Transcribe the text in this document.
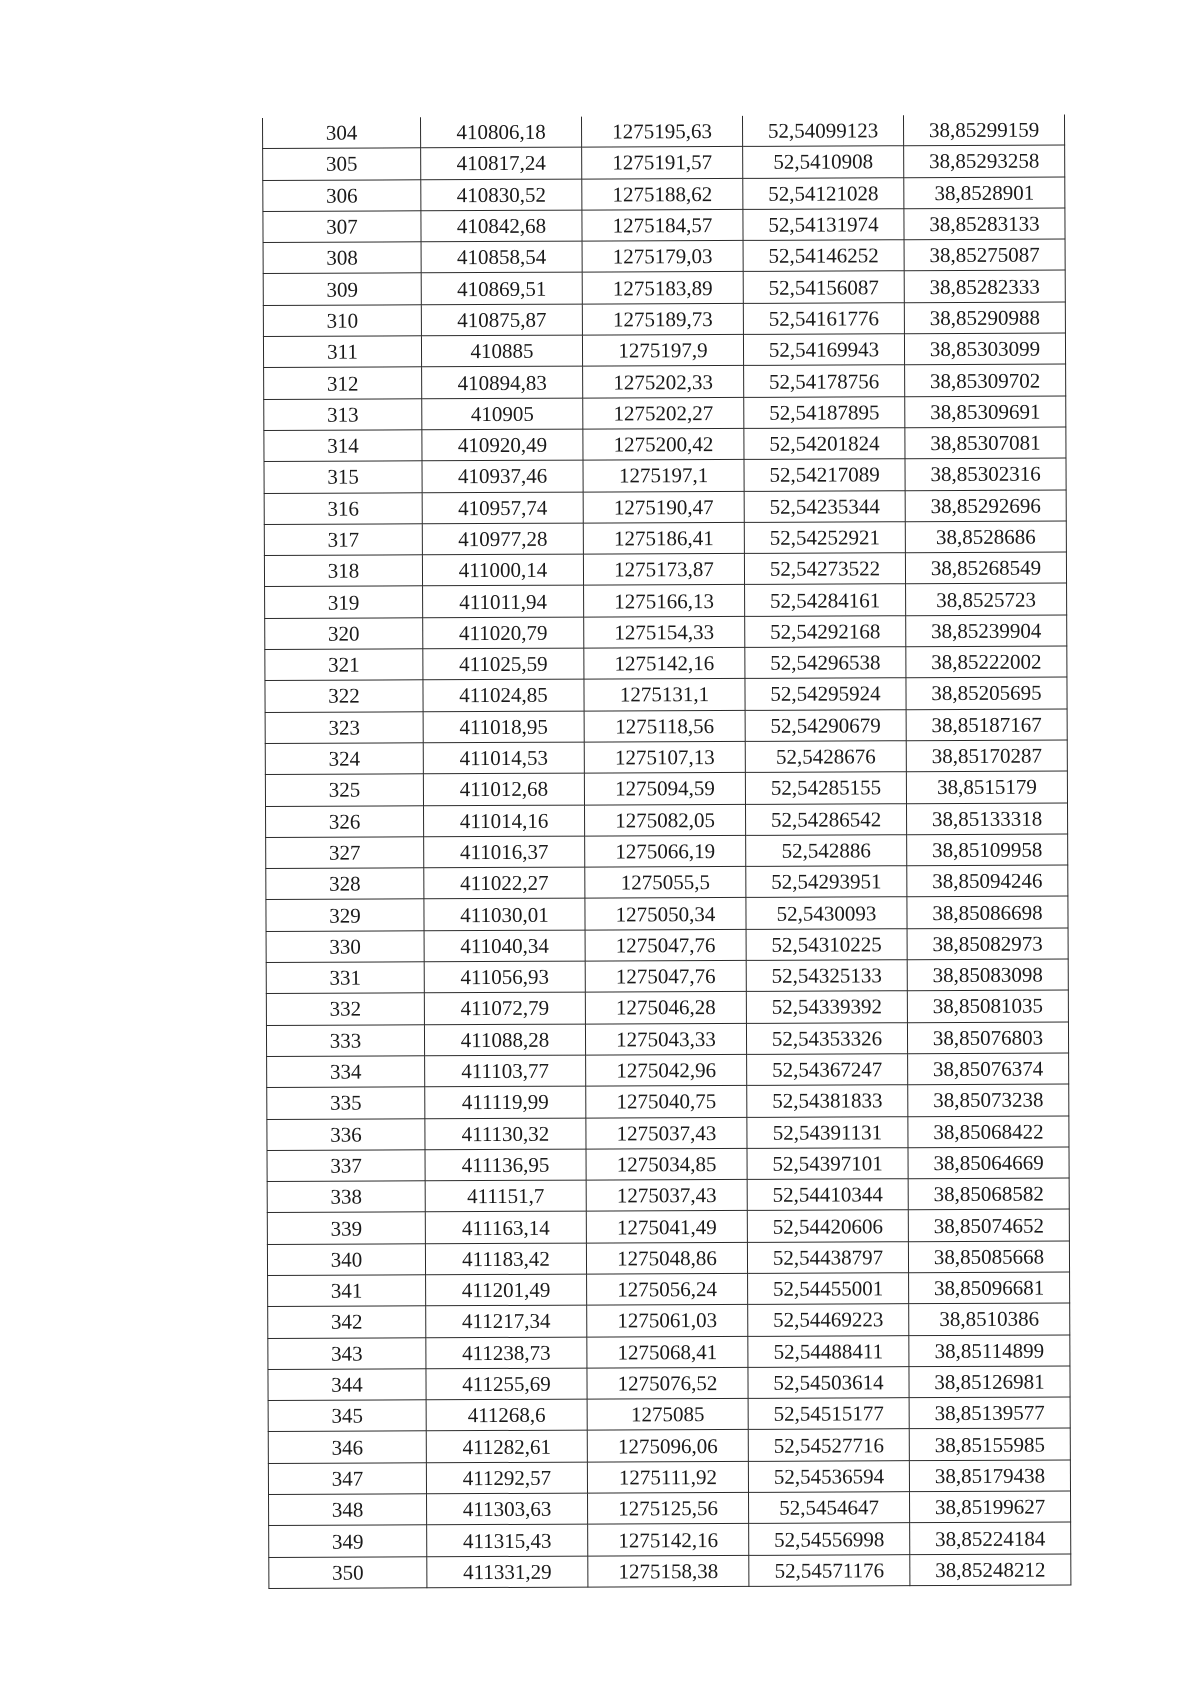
304	410806,18	1275195,63	52,54099123	38,85299159
305	410817,24	1275191,57	52,5410908	38,85293258
306	410830,52	1275188,62	52,54121028	38,8528901
307	410842,68	1275184,57	52,54131974	38,85283133
308	410858,54	1275179,03	52,54146252	38,85275087
309	410869,51	1275183,89	52,54156087	38,85282333
310	410875,87	1275189,73	52,54161776	38,85290988
311	410885	1275197,9	52,54169943	38,85303099
312	410894,83	1275202,33	52,54178756	38,85309702
313	410905	1275202,27	52,54187895	38,85309691
314	410920,49	1275200,42	52,54201824	38,85307081
315	410937,46	1275197,1	52,54217089	38,85302316
316	410957,74	1275190,47	52,54235344	38,85292696
317	410977,28	1275186,41	52,54252921	38,8528686
318	411000,14	1275173,87	52,54273522	38,85268549
319	411011,94	1275166,13	52,54284161	38,8525723
320	411020,79	1275154,33	52,54292168	38,85239904
321	411025,59	1275142,16	52,54296538	38,85222002
322	411024,85	1275131,1	52,54295924	38,85205695
323	411018,95	1275118,56	52,54290679	38,85187167
324	411014,53	1275107,13	52,5428676	38,85170287
325	411012,68	1275094,59	52,54285155	38,8515179
326	411014,16	1275082,05	52,54286542	38,85133318
327	411016,37	1275066,19	52,542886	38,85109958
328	411022,27	1275055,5	52,54293951	38,85094246
329	411030,01	1275050,34	52,5430093	38,85086698
330	411040,34	1275047,76	52,54310225	38,85082973
331	411056,93	1275047,76	52,54325133	38,85083098
332	411072,79	1275046,28	52,54339392	38,85081035
333	411088,28	1275043,33	52,54353326	38,85076803
334	411103,77	1275042,96	52,54367247	38,85076374
335	411119,99	1275040,75	52,54381833	38,85073238
336	411130,32	1275037,43	52,54391131	38,85068422
337	411136,95	1275034,85	52,54397101	38,85064669
338	411151,7	1275037,43	52,54410344	38,85068582
339	411163,14	1275041,49	52,54420606	38,85074652
340	411183,42	1275048,86	52,54438797	38,85085668
341	411201,49	1275056,24	52,54455001	38,85096681
342	411217,34	1275061,03	52,54469223	38,8510386
343	411238,73	1275068,41	52,54488411	38,85114899
344	411255,69	1275076,52	52,54503614	38,85126981
345	411268,6	1275085	52,54515177	38,85139577
346	411282,61	1275096,06	52,54527716	38,85155985
347	411292,57	1275111,92	52,54536594	38,85179438
348	411303,63	1275125,56	52,5454647	38,85199627
349	411315,43	1275142,16	52,54556998	38,85224184
350	411331,29	1275158,38	52,54571176	38,85248212
